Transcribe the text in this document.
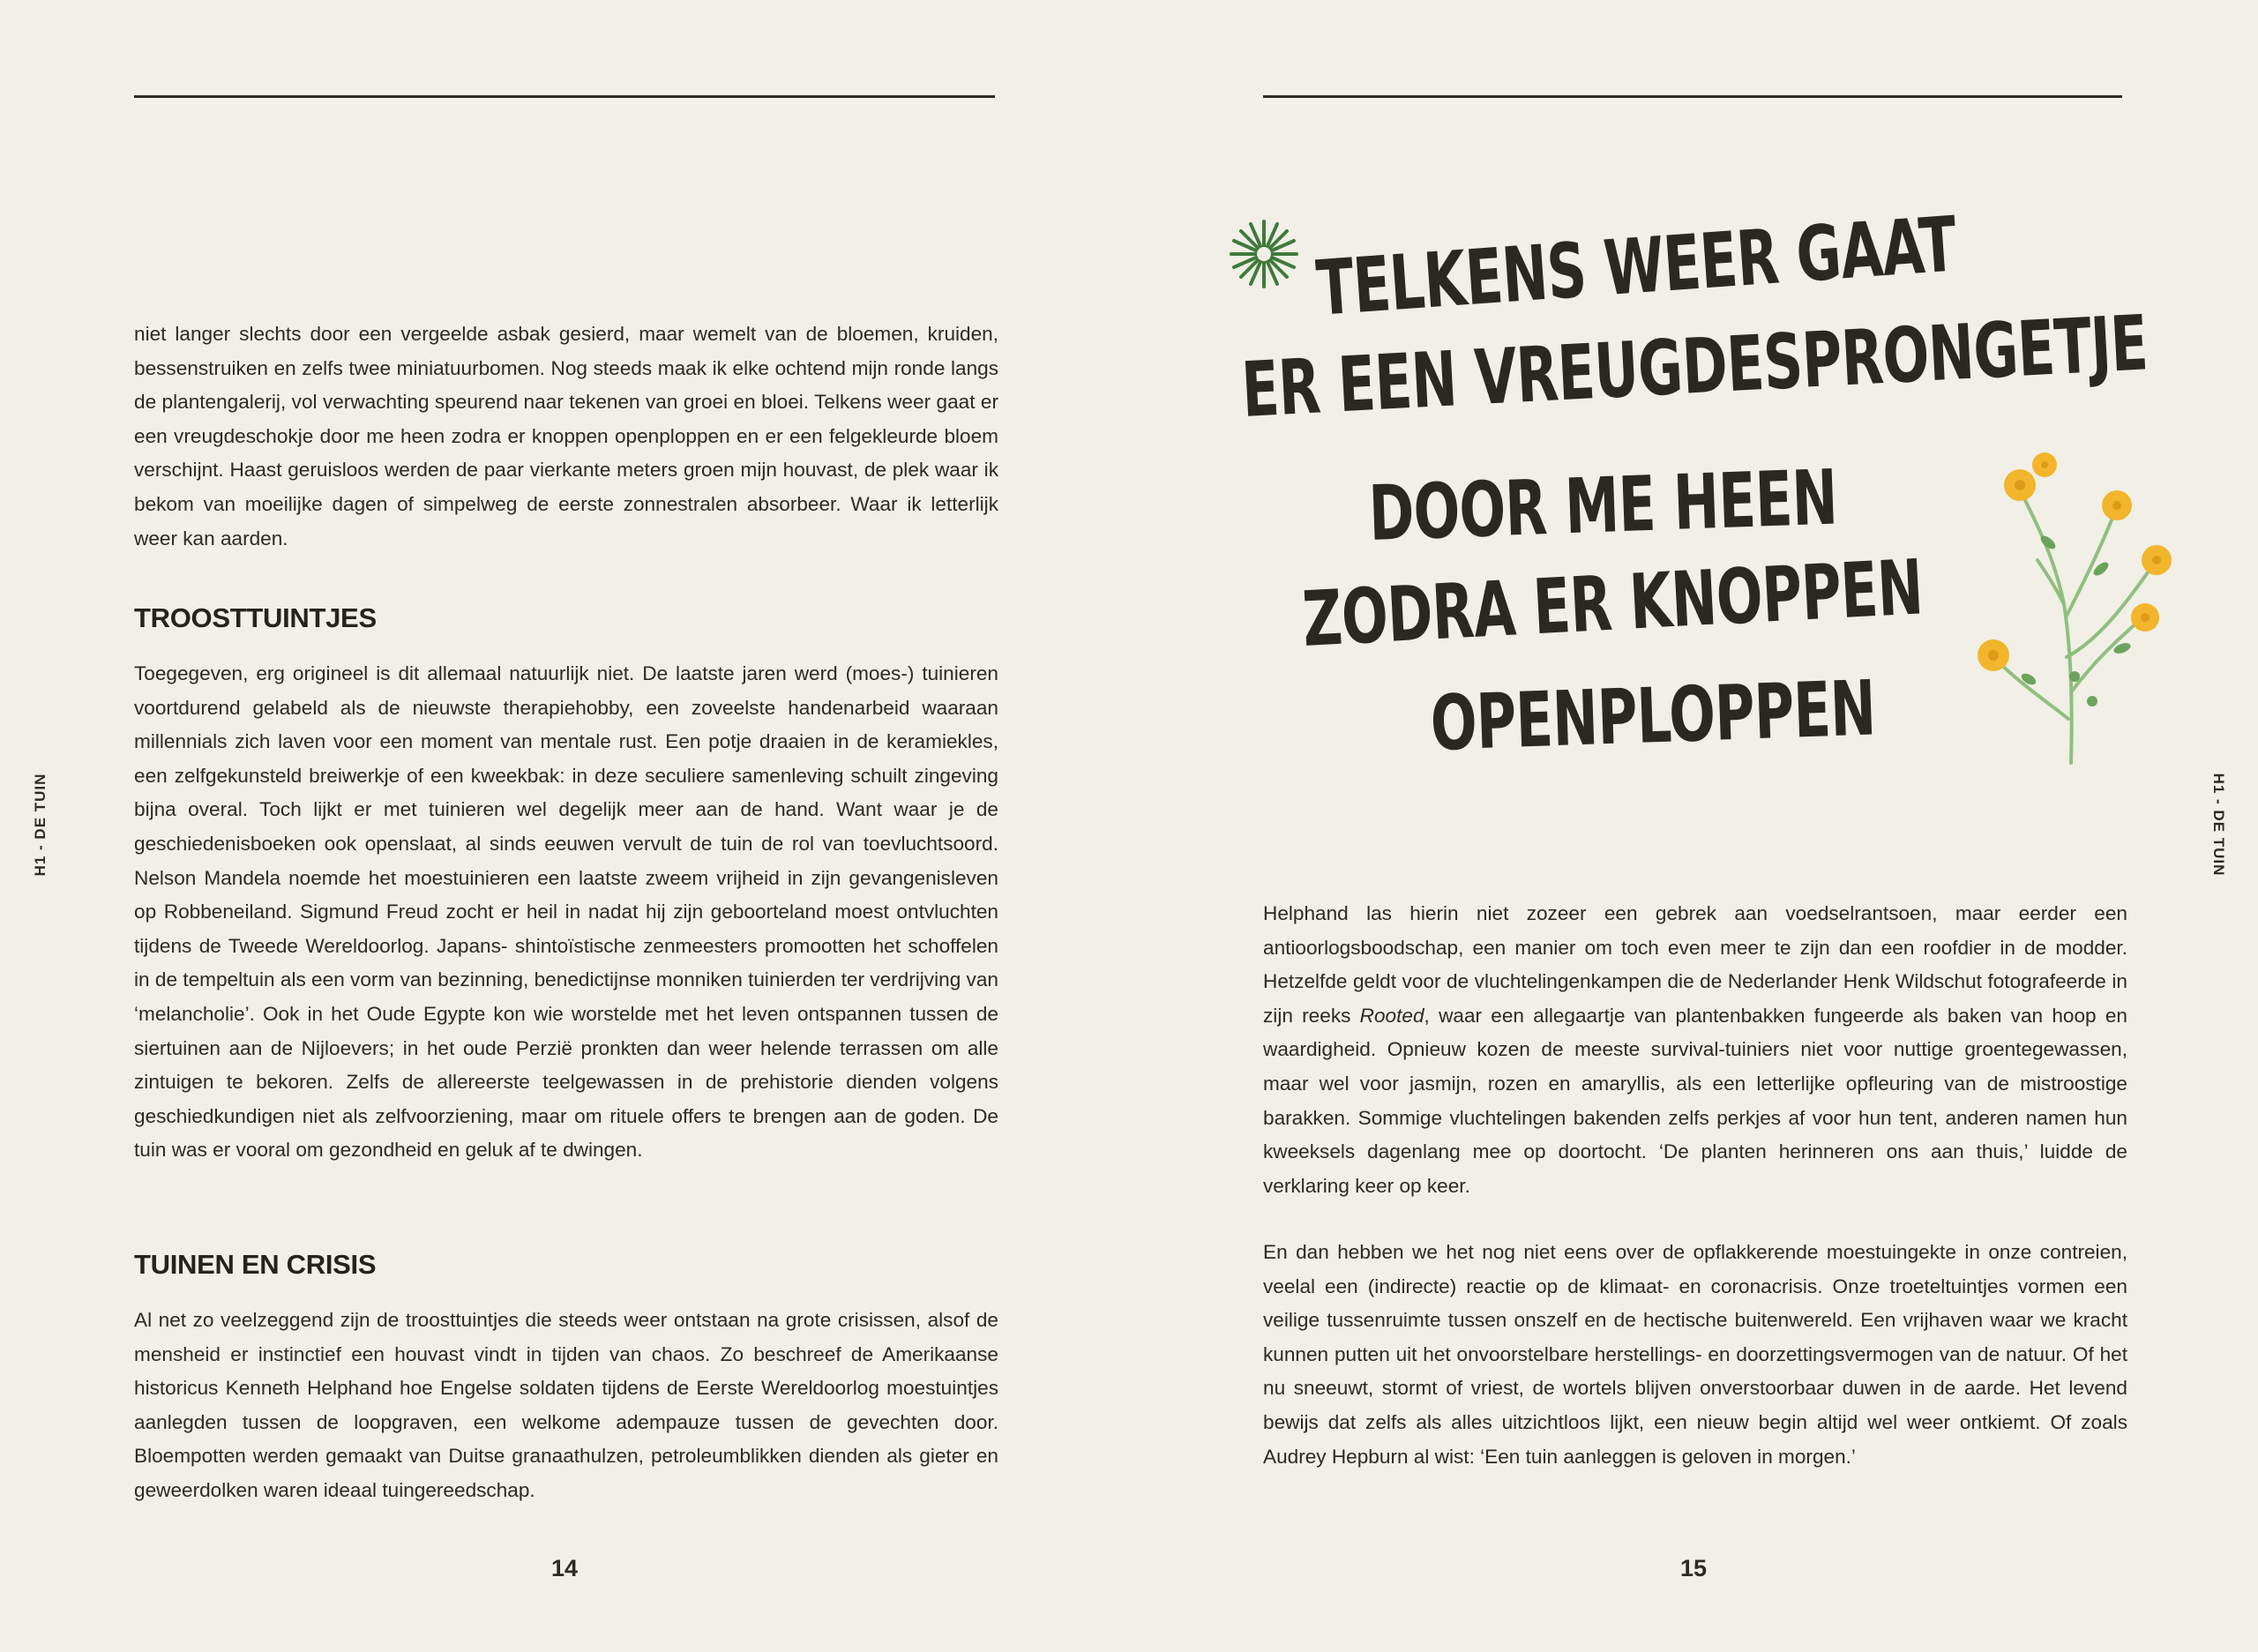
niet langer slechts door een vergeelde asbak gesierd, maar wemelt van de bloemen, kruiden, bessenstruiken en zelfs twee miniatuurbomen. Nog steeds maak ik elke ochtend mijn ronde langs de plantengalerij, vol verwachting speurend naar tekenen van groei en bloei. Telkens weer gaat er een vreugdeschokje door me heen zodra er knoppen openploppen en er een felgekleurde bloem verschijnt. Haast geruisloos werden de paar vierkante meters groen mijn houvast, de plek waar ik bekom van moeilijke dagen of simpelweg de eerste zonnestralen absorbeer. Waar ik letterlijk weer kan aarden.

TROOSTTUINTJES

Toegegeven, erg origineel is dit allemaal natuurlijk niet. De laatste jaren werd (moes-) tuinieren voortdurend gelabeld als de nieuwste therapiehobby, een zoveelste handenarbeid waaraan millennials zich laven voor een moment van mentale rust. Een potje draaien in de keramiekles, een zelfgekunsteld breiwerkje of een kweekbak: in deze seculiere samenleving schuilt zingeving bijna overal. Toch lijkt er met tuinieren wel degelijk meer aan de hand. Want waar je de geschiedenisboeken ook openslaat, al sinds eeuwen vervult de tuin de rol van toevluchtsoord. Nelson Mandela noemde het moestuinieren een laatste zweem vrijheid in zijn gevangenisleven op Robbeneiland. Sigmund Freud zocht er heil in nadat hij zijn geboorteland moest ontvluchten tijdens de Tweede Wereldoorlog. Japans- shintoïstische zenmeesters promootten het schoffelen in de tempeltuin als een vorm van bezinning, benedictijnse monniken tuinierden ter verdrijving van ‘melancholie’. Ook in het Oude Egypte kon wie worstelde met het leven ontspannen tussen de siertuinen aan de Nijloevers; in het oude Perzië pronkten dan weer helende terrassen om alle zintuigen te bekoren. Zelfs de allereerste teelgewassen in de prehistorie dienden volgens geschiedkundigen niet als zelfvoorziening, maar om rituele offers te brengen aan de goden. De tuin was er vooral om gezondheid en geluk af te dwingen.

TUINEN EN CRISIS

Al net zo veelzeggend zijn de troosttuintjes die steeds weer ontstaan na grote crisissen, alsof de mensheid er instinctief een houvast vindt in tijden van chaos. Zo beschreef de Amerikaanse historicus Kenneth Helphand hoe Engelse soldaten tijdens de Eerste Wereldoorlog moestuintjes aanlegden tussen de loopgraven, een welkome adempauze tussen de gevechten door. Bloempotten werden gemaakt van Duitse granaathulzen, petroleumblikken dienden als gieter en geweerdolken waren ideaal tuingereedschap.

H1 - DE TUIN
14
TELKENS WEER GAAT
ER EEN VREUGDESPRONGETJE
DOOR ME HEEN
ZODRA ER KNOPPEN
OPENPLOPPEN

Helphand las hierin niet zozeer een gebrek aan voedselrantsoen, maar eerder een antioorlogsboodschap, een manier om toch even meer te zijn dan een roofdier in de modder. Hetzelfde geldt voor de vluchtelingenkampen die de Nederlander Henk Wildschut fotografeerde in zijn reeks Rooted, waar een allegaartje van plantenbakken fungeerde als baken van hoop en waardigheid. Opnieuw kozen de meeste survival-tuiniers niet voor nuttige groentegewassen, maar wel voor jasmijn, rozen en amaryllis, als een letterlijke opfleuring van de mistroostige barakken. Sommige vluchtelingen bakenden zelfs perkjes af voor hun tent, anderen namen hun kweeksels dagenlang mee op doortocht. ‘De planten herinneren ons aan thuis,’ luidde de verklaring keer op keer.

En dan hebben we het nog niet eens over de opflakkerende moestuingekte in onze contreien, veelal een (indirecte) reactie op de klimaat- en coronacrisis. Onze troeteltuintjes vormen een veilige tussenruimte tussen onszelf en de hectische buitenwereld. Een vrijhaven waar we kracht kunnen putten uit het onvoorstelbare herstellings- en doorzettingsvermogen van de natuur. Of het nu sneeuwt, stormt of vriest, de wortels blijven onverstoorbaar duwen in de aarde. Het levend bewijs dat zelfs als alles uitzichtloos lijkt, een nieuw begin altijd wel weer ontkiemt. Of zoals Audrey Hepburn al wist: ‘Een tuin aanleggen is geloven in morgen.’

H1 - DE TUIN
15
